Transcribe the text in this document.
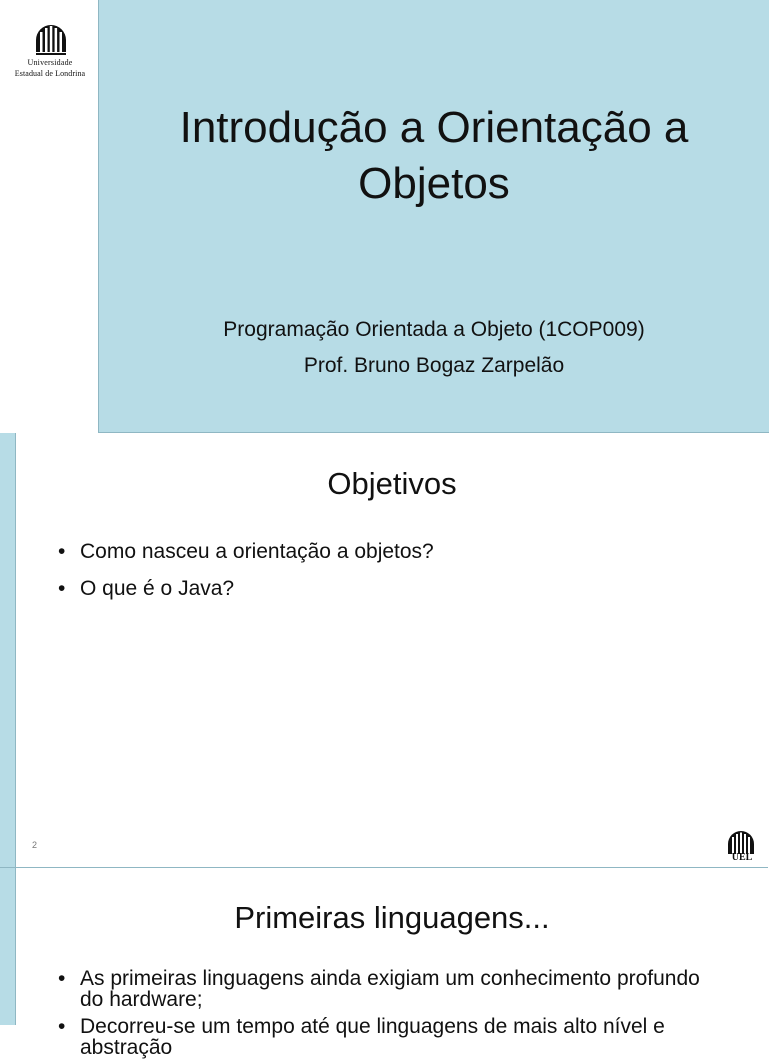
Universidade
Estadual de Londrina
Introdução a Orientação a
Objetos
Programação Orientada a Objeto (1COP009)
Prof. Bruno Bogaz Zarpelão
Objetivos
• Como nasceu a orientação a objetos?
• O que é o Java?
2
UEL
Primeiras linguagens...
• As primeiras linguagens ainda exigiam um conhecimento profundo do hardware;
• Decorreu-se um tempo até que linguagens de mais alto nível e abstração
